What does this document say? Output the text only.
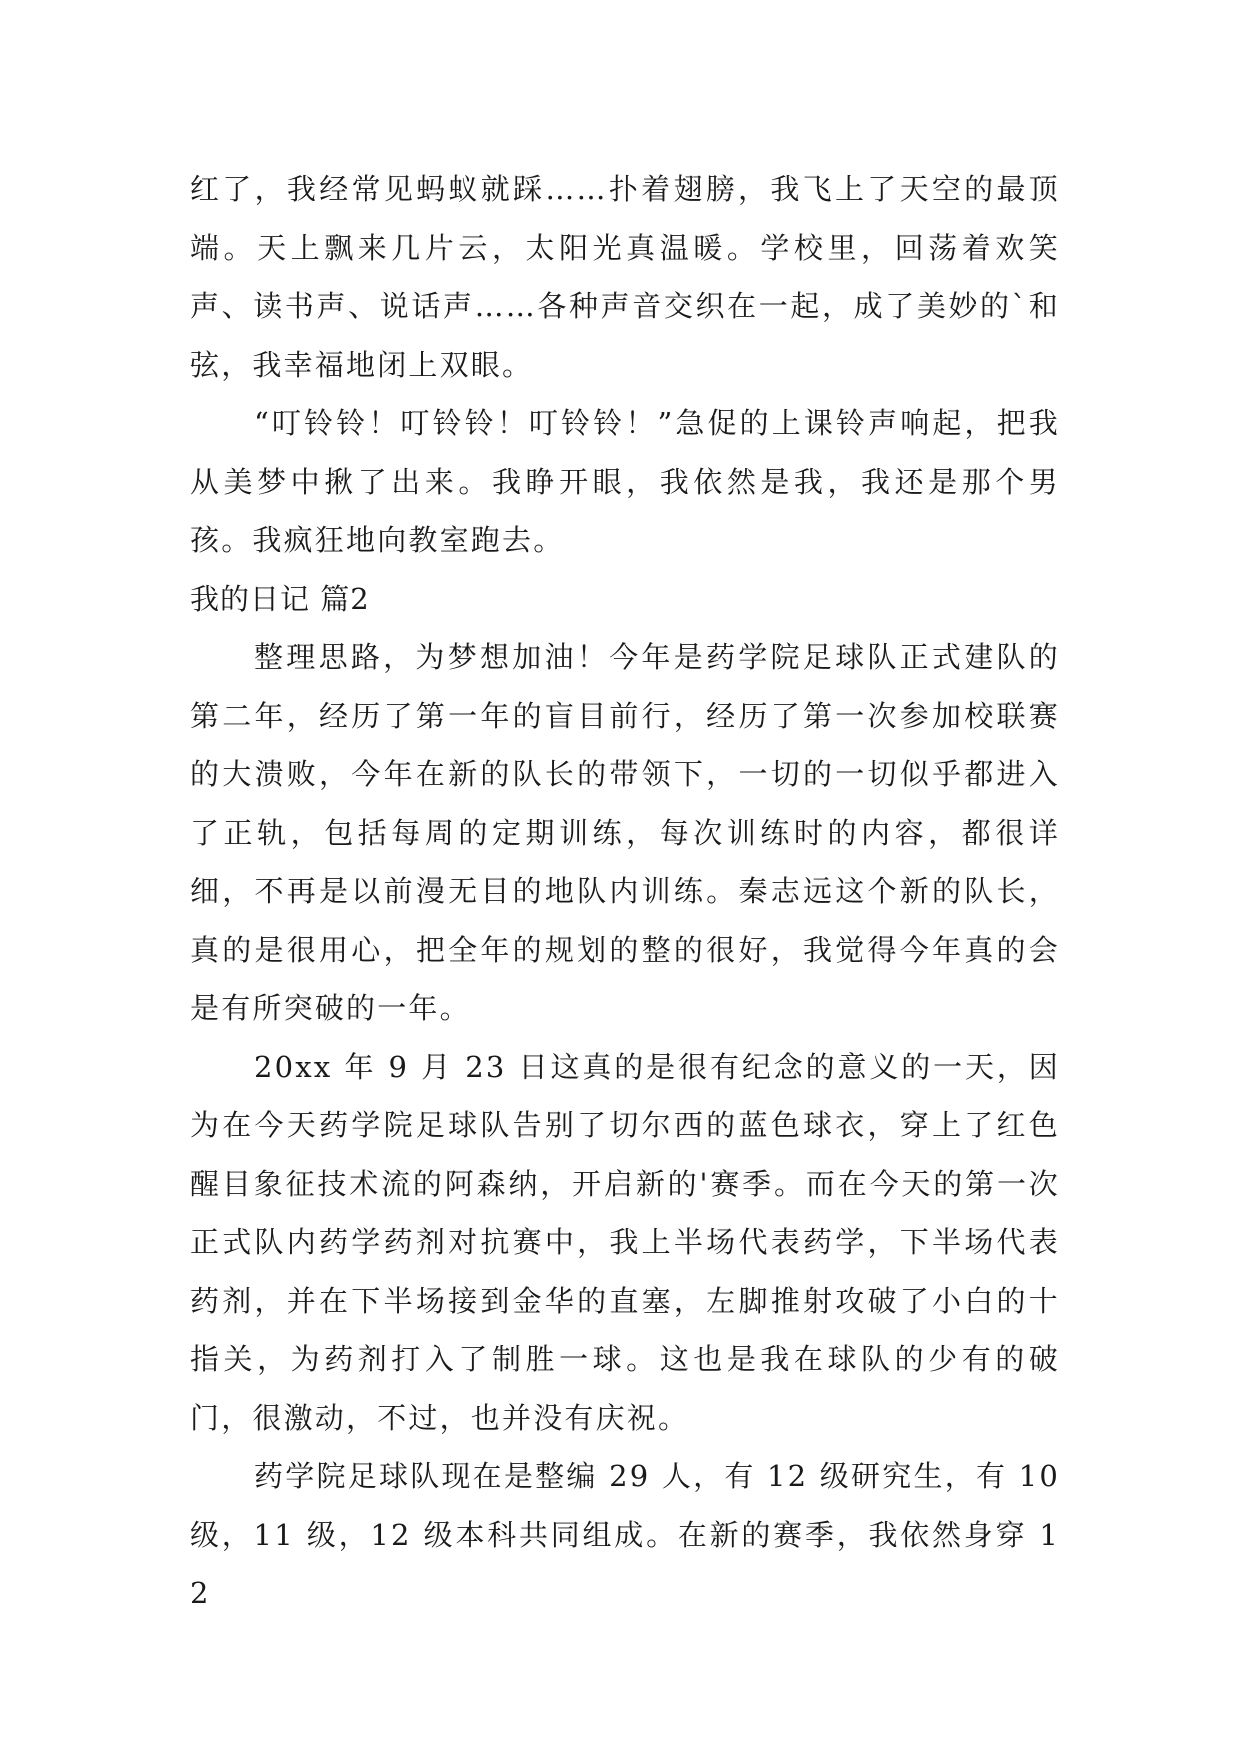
红了，我经常见蚂蚁就踩……扑着翅膀，我飞上了天空的最顶端。天上飘来几片云，太阳光真温暖。学校里，回荡着欢笑声、读书声、说话声……各种声音交织在一起，成了美妙的`和弦，我幸福地闭上双眼。

“叮铃铃！叮铃铃！叮铃铃！”急促的上课铃声响起，把我从美梦中揪了出来。我睁开眼，我依然是我，我还是那个男孩。我疯狂地向教室跑去。

我的日记 篇2

整理思路，为梦想加油！今年是药学院足球队正式建队的第二年，经历了第一年的盲目前行，经历了第一次参加校联赛的大溃败，今年在新的队长的带领下，一切的一切似乎都进入了正轨，包括每周的定期训练，每次训练时的内容，都很详细，不再是以前漫无目的地队内训练。秦志远这个新的队长，真的是很用心，把全年的规划的整的很好，我觉得今年真的会是有所突破的一年。

20xx 年 9 月 23 日这真的是很有纪念的意义的一天，因为在今天药学院足球队告别了切尔西的蓝色球衣，穿上了红色醒目象征技术流的阿森纳，开启新的'赛季。而在今天的第一次正式队内药学药剂对抗赛中，我上半场代表药学，下半场代表药剂，并在下半场接到金华的直塞，左脚推射攻破了小白的十指关，为药剂打入了制胜一球。这也是我在球队的少有的破门，很激动，不过，也并没有庆祝。

药学院足球队现在是整编 29 人，有 12 级研究生，有 10 级，11 级，12 级本科共同组成。在新的赛季，我依然身穿 12
